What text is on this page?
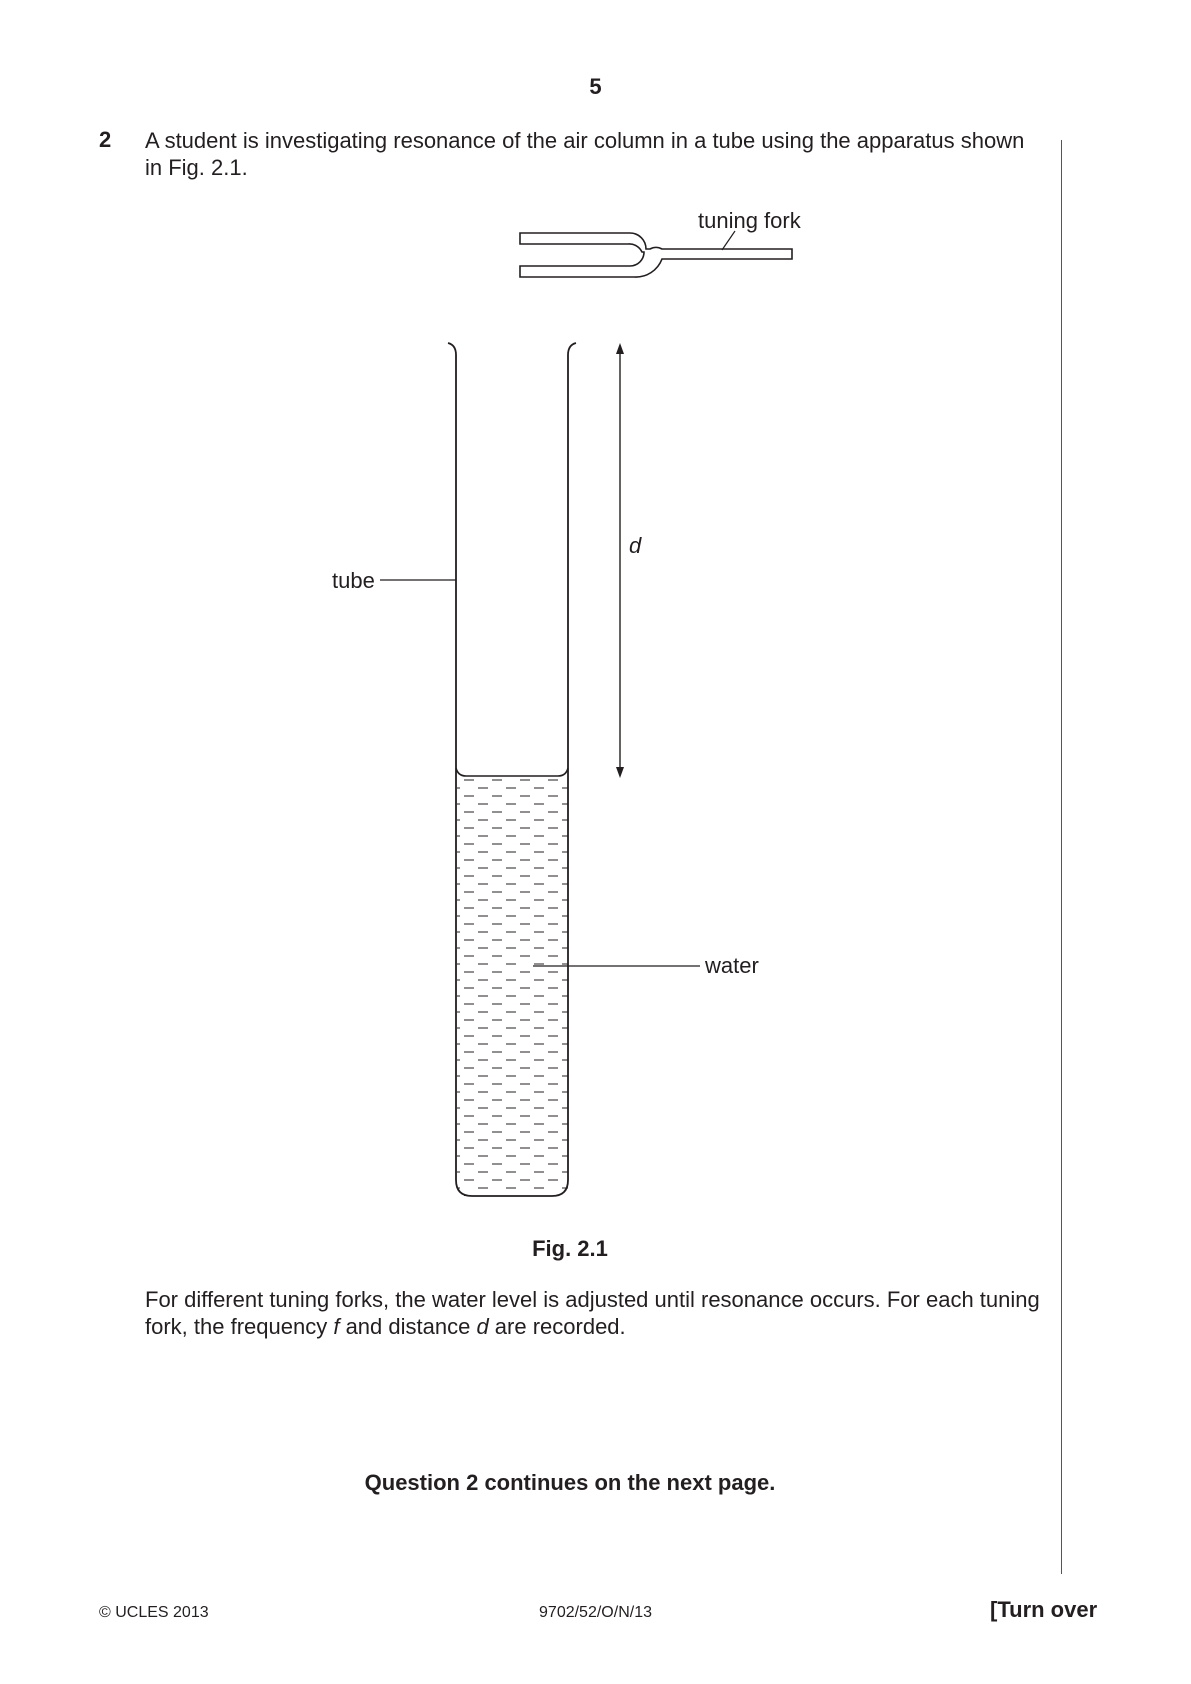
5
2 A student is investigating resonance of the air column in a tube using the apparatus shown in Fig. 2.1.
tuning fork
tube
d
water
Fig. 2.1
For different tuning forks, the water level is adjusted until resonance occurs. For each tuning fork, the frequency f and distance d are recorded.
Question 2 continues on the next page.
© UCLES 2013	9702/52/O/N/13	[Turn over
